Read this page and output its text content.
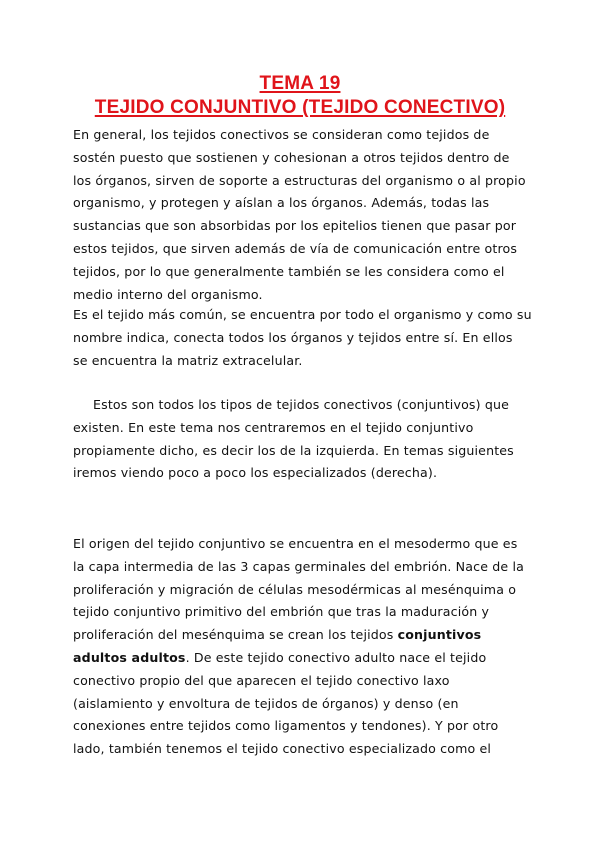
TEMA 19
TEJIDO CONJUNTIVO (TEJIDO CONECTIVO)

En general, los tejidos conectivos se consideran como tejidos de
sostén puesto que sostienen y cohesionan a otros tejidos dentro de
los órganos, sirven de soporte a estructuras del organismo o al propio
organismo, y protegen y aíslan a los órganos. Además, todas las
sustancias que son absorbidas por los epitelios tienen que pasar por
estos tejidos, que sirven además de vía de comunicación entre otros
tejidos, por lo que generalmente también se les considera como el
medio interno del organismo.

Es el tejido más común, se encuentra por todo el organismo y como su
nombre indica, conecta todos los órganos y tejidos entre sí. En ellos
se encuentra la matriz extracelular.

Estos son todos los tipos de tejidos conectivos (conjuntivos) que
existen. En este tema nos centraremos en el tejido conjuntivo
propiamente dicho, es decir los de la izquierda. En temas siguientes
iremos viendo poco a poco los especializados (derecha).

El origen del tejido conjuntivo se encuentra en el mesodermo que es
la capa intermedia de las 3 capas germinales del embrión. Nace de la
proliferación y migración de células mesodérmicas al mesénquima o
tejido conjuntivo primitivo del embrión que tras la maduración y
proliferación del mesénquima se crean los tejidos conjuntivos
adultos adultos. De este tejido conectivo adulto nace el tejido
conectivo propio del que aparecen el tejido conectivo laxo
(aislamiento y envoltura de tejidos de órganos) y denso (en
conexiones entre tejidos como ligamentos y tendones). Y por otro
lado, también tenemos el tejido conectivo especializado como el
